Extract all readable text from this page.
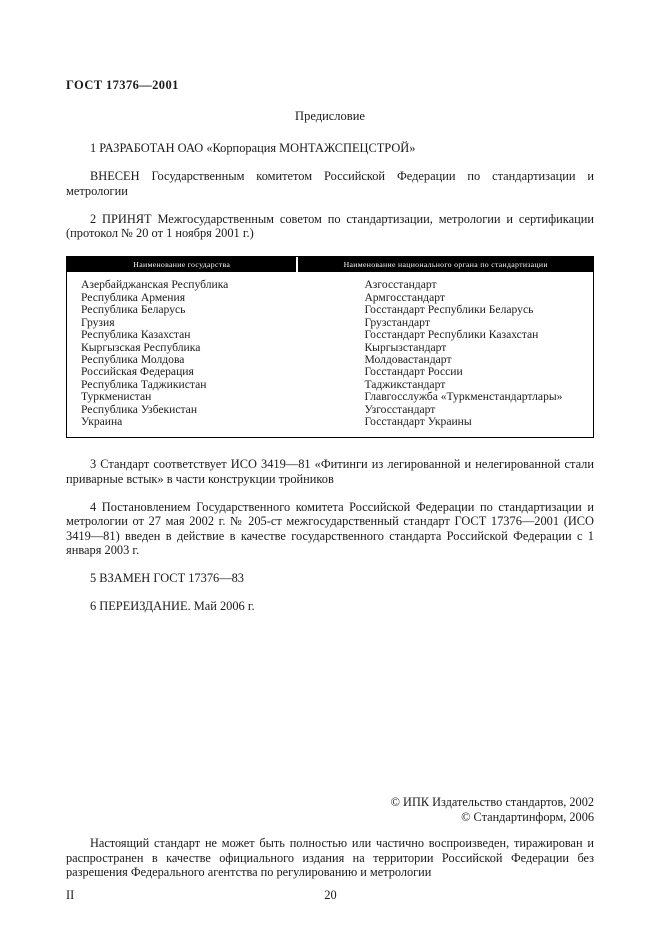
ГОСТ 17376—2001
Предисловие

1 РАЗРАБОТАН ОАО «Корпорация МОНТАЖСПЕЦСТРОЙ»

ВНЕСЕН Государственным комитетом Российской Федерации по стандартизации и метрологии

2 ПРИНЯТ Межгосударственным советом по стандартизации, метрологии и сертификации (протокол № 20 от 1 ноября 2001 г.)

Наименование государства	Наименование национального органа по стандартизации
Азербайджанская Республика	Азгосстандарт
Республика Армения	Армгосстандарт
Республика Беларусь	Госстандарт Республики Беларусь
Грузия	Грузстандарт
Республика Казахстан	Госстандарт Республики Казахстан
Кыргызская Республика	Кыргызстандарт
Республика Молдова	Молдовастандарт
Российская Федерация	Госстандарт России
Республика Таджикистан	Таджикстандарт
Туркменистан	Главгосслужба «Туркменстандартлары»
Республика Узбекистан	Узгосстандарт
Украина	Госстандарт Украины

3 Стандарт соответствует ИСО 3419—81 «Фитинги из легированной и нелегированной стали приварные встык» в части конструкции тройников

4 Постановлением Государственного комитета Российской Федерации по стандартизации и метрологии от 27 мая 2002 г. № 205-ст межгосударственный стандарт ГОСТ 17376—2001 (ИСО 3419—81) введен в действие в качестве государственного стандарта Российской Федерации с 1 января 2003 г.

5 ВЗАМЕН ГОСТ 17376—83

6 ПЕРЕИЗДАНИЕ. Май 2006 г.

© ИПК Издательство стандартов, 2002
© Стандартинформ, 2006

Настоящий стандарт не может быть полностью или частично воспроизведен, тиражирован и распространен в качестве официального издания на территории Российской Федерации без разрешения Федерального агентства по регулированию и метрологии

II	20
